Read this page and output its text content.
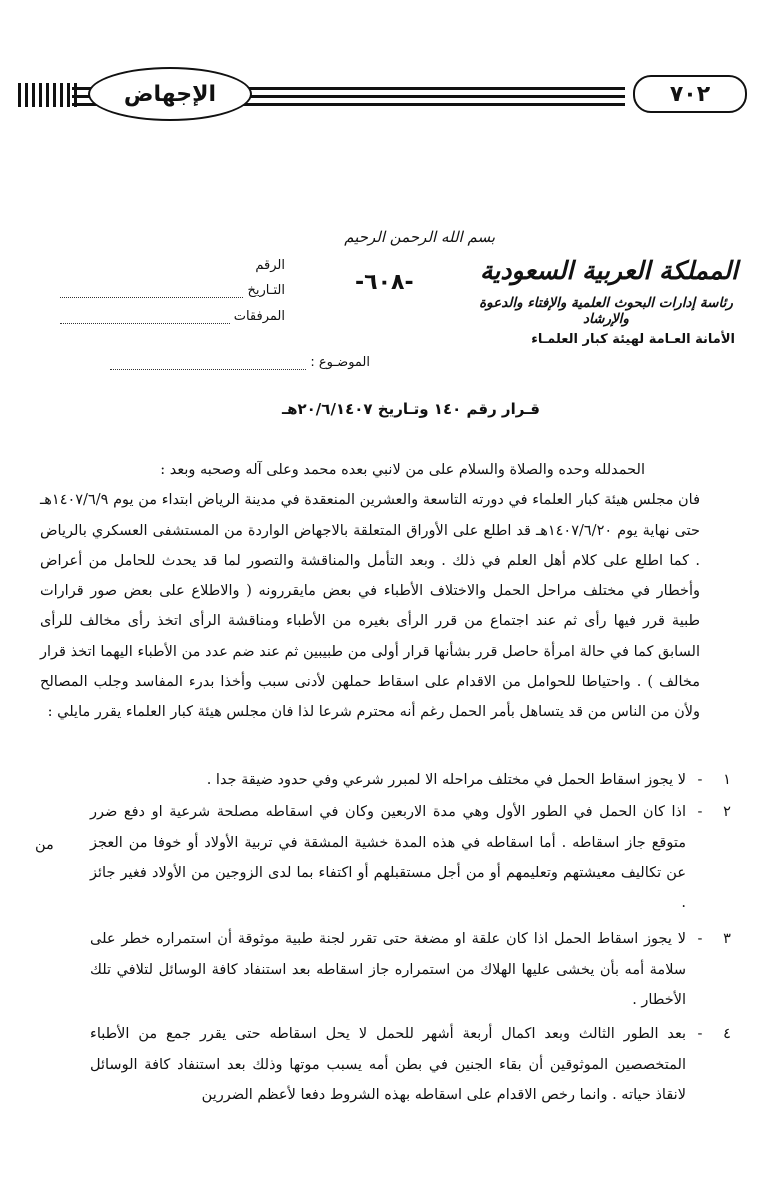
الإجهاض	٧٠٢
بسم الله الرحمن الرحيم
المملكة العربية السعودية
رئاسة إدارات البحوث العلمية والإفتاء والدعوة والإرشاد
الأمانة العـامة لهيئة كبار العلمـاء
-٦٠٨-
الرقم
التـاريخ
المرفقات
الموضـوع :
قـرار رقم ١٤٠ وتـاريخ ٢٠/٦/١٤٠٧هـ

الحمدلله وحده والصلاة والسلام على من لانبي بعده محمد وعلى آله وصحبه وبعد :

فان مجلس هيئة كبار العلماء في دورته التاسعة والعشرين المنعقدة في مدينة الرياض ابتداء من يوم ١٤٠٧/٦/٩هـ حتى نهاية يوم ١٤٠٧/٦/٢٠هـ قد اطلع على الأوراق المتعلقة بالاجهاض الواردة من المستشفى العسكري بالرياض . كما اطلع على كلام أهل العلم في ذلك . وبعد التأمل والمناقشة والتصور لما قد يحدث للحامل من أعراض وأخطار في مختلف مراحل الحمل والاختلاف الأطباء في بعض مايقررونه ( والاطلاع على بعض صور قرارات طبية قرر فيها رأى ثم عند اجتماع من قرر الرأى بغيره من الأطباء ومناقشة الرأى اتخذ رأى مخالف للرأى السابق كما في حالة امرأة حاصل قرر بشأنها قرار أولى من طبيبين ثم عند ضم عدد من الأطباء اليهما اتخذ قرار مخالف ) . واحتياطا للحوامل من الاقدام على اسقاط حملهن لأدنى سبب وأخذا بدرء المفاسد وجلب المصالح ولأن من الناس من قد يتساهل بأمر الحمل رغم أنه محترم شرعا لذا فان مجلس هيئة كبار العلماء يقرر مايلي :

١
-
لا يجوز اسقاط الحمل في مختلف مراحله الا لمبرر شرعي وفي حدود ضيقة جدا .
٢
-
اذا كان الحمل في الطور الأول وهي مدة الاربعين وكان في اسقاطه مصلحة شرعية او دفع ضرر متوقع جاز اسقاطه . أما اسقاطه في هذه المدة خشية المشقة في تربية الأولاد أو خوفا من العجز عن تكاليف معيشتهم وتعليمهم أو من أجل مستقبلهم أو اكتفاء بما لدى الزوجين من الأولاد فغير جائز .
٣
-
لا يجوز اسقاط الحمل اذا كان علقة او مضغة حتى تقرر لجنة طبية موثوقة أن استمراره خطر على سلامة أمه بأن يخشى عليها الهلاك من استمراره جاز اسقاطه بعد استنفاد كافة الوسائل لتلافي تلك الأخطار .
٤
-
بعد الطور الثالث وبعد اكمال أربعة أشهر للحمل لا يحل اسقاطه حتى يقرر جمع من الأطباء المتخصصين الموثوقين أن بقاء الجنين في بطن أمه يسبب موتها وذلك بعد استنفاد كافة الوسائل لانقاذ حياته . وانما رخص الاقدام على اسقاطه بهذه الشروط دفعا لأعظم الضررين
من
